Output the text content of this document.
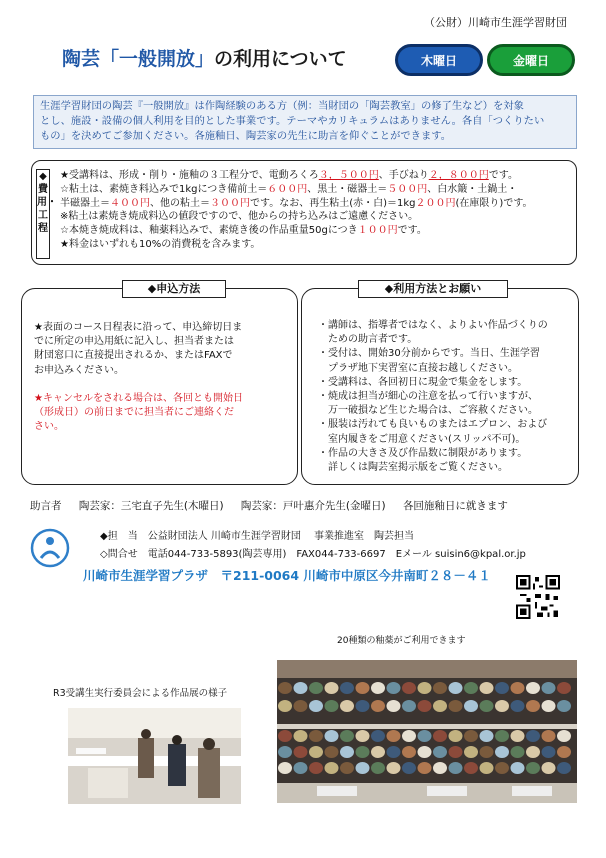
（公財）川崎市生涯学習財団
陶芸「一般開放」の利用について	木曜日	金曜日

生涯学習財団の陶芸『一般開放』は作陶経験のある方（例：当財団の「陶芸教室」の修了生など）を対象

とし、施設・設備の個人利用を目的とした事業です。テーマやカリキュラムはありません。各自「つくりたい

もの」を決めてご参加ください。各施釉日、陶芸家の先生に助言を仰ぐことができます。

◆費用・工程

★受講料は、形成・削り・施釉の３工程分で、電動ろくろ３，５００円、手びねり２，８００円です。

☆粘土は、素焼き料込みで1kgにつき備前土＝６００円、黒土・磁器土＝５００円、白水簸・土鍋土・

半磁器土＝４００円、他の粘土＝３００円です。なお、再生粘土(赤・白)＝1kg２００円(在庫限り)です。

※粘土は素焼き焼成料込の値段ですので、他からの持ち込みはご遠慮ください。

☆本焼き焼成料は、釉薬料込みで、素焼き後の作品重量50gにつき１００円です。

★料金はいずれも10%の消費税を含みます。

◆申込方法

★表面のコース日程表に沿って、申込締切日ま

でに所定の申込用紙に記入し、担当者または

財団窓口に直接提出されるか、またはFAXで

お申込みください。

★キャンセルをされる場合は、各回とも開始日

（形成日）の前日までに担当者にご連絡くだ

さい。

◆利用方法とお願い

・講師は、指導者ではなく、よりよい作品づくりの

　ための助言者です。

・受付は、開始30分前からです。当日、生涯学習

　プラザ地下実習室に直接お越しください。

・受講料は、各回初日に現金で集金をします。

・焼成は担当が細心の注意を払って行いますが、

　万一破損など生じた場合は、ご容赦ください。

・服装は汚れても良いものまたはエプロン、および

　室内履きをご用意ください(スリッパ不可)。

・作品の大きさ及び作品数に制限があります。

　詳しくは陶芸室掲示版をご覧ください。

助言者 陶芸家：三宅直子先生(木曜日) 陶芸家：戸叶惠介先生(金曜日) 各回施釉日に就きます
◆担　当　 公益財団法人 川崎市生涯学習財団　 事業推進室　陶芸担当
◇問合せ　 電話044-733-5893(陶芸専用)　 FAX044-733-6697　 Eメール suisin6@kpal.or.jp
川崎市生涯学習プラザ　〒211-0064 川崎市中原区今井南町２８－４１
20種類の釉薬がご利用できます
R3受講生実行委員会による作品展の様子
